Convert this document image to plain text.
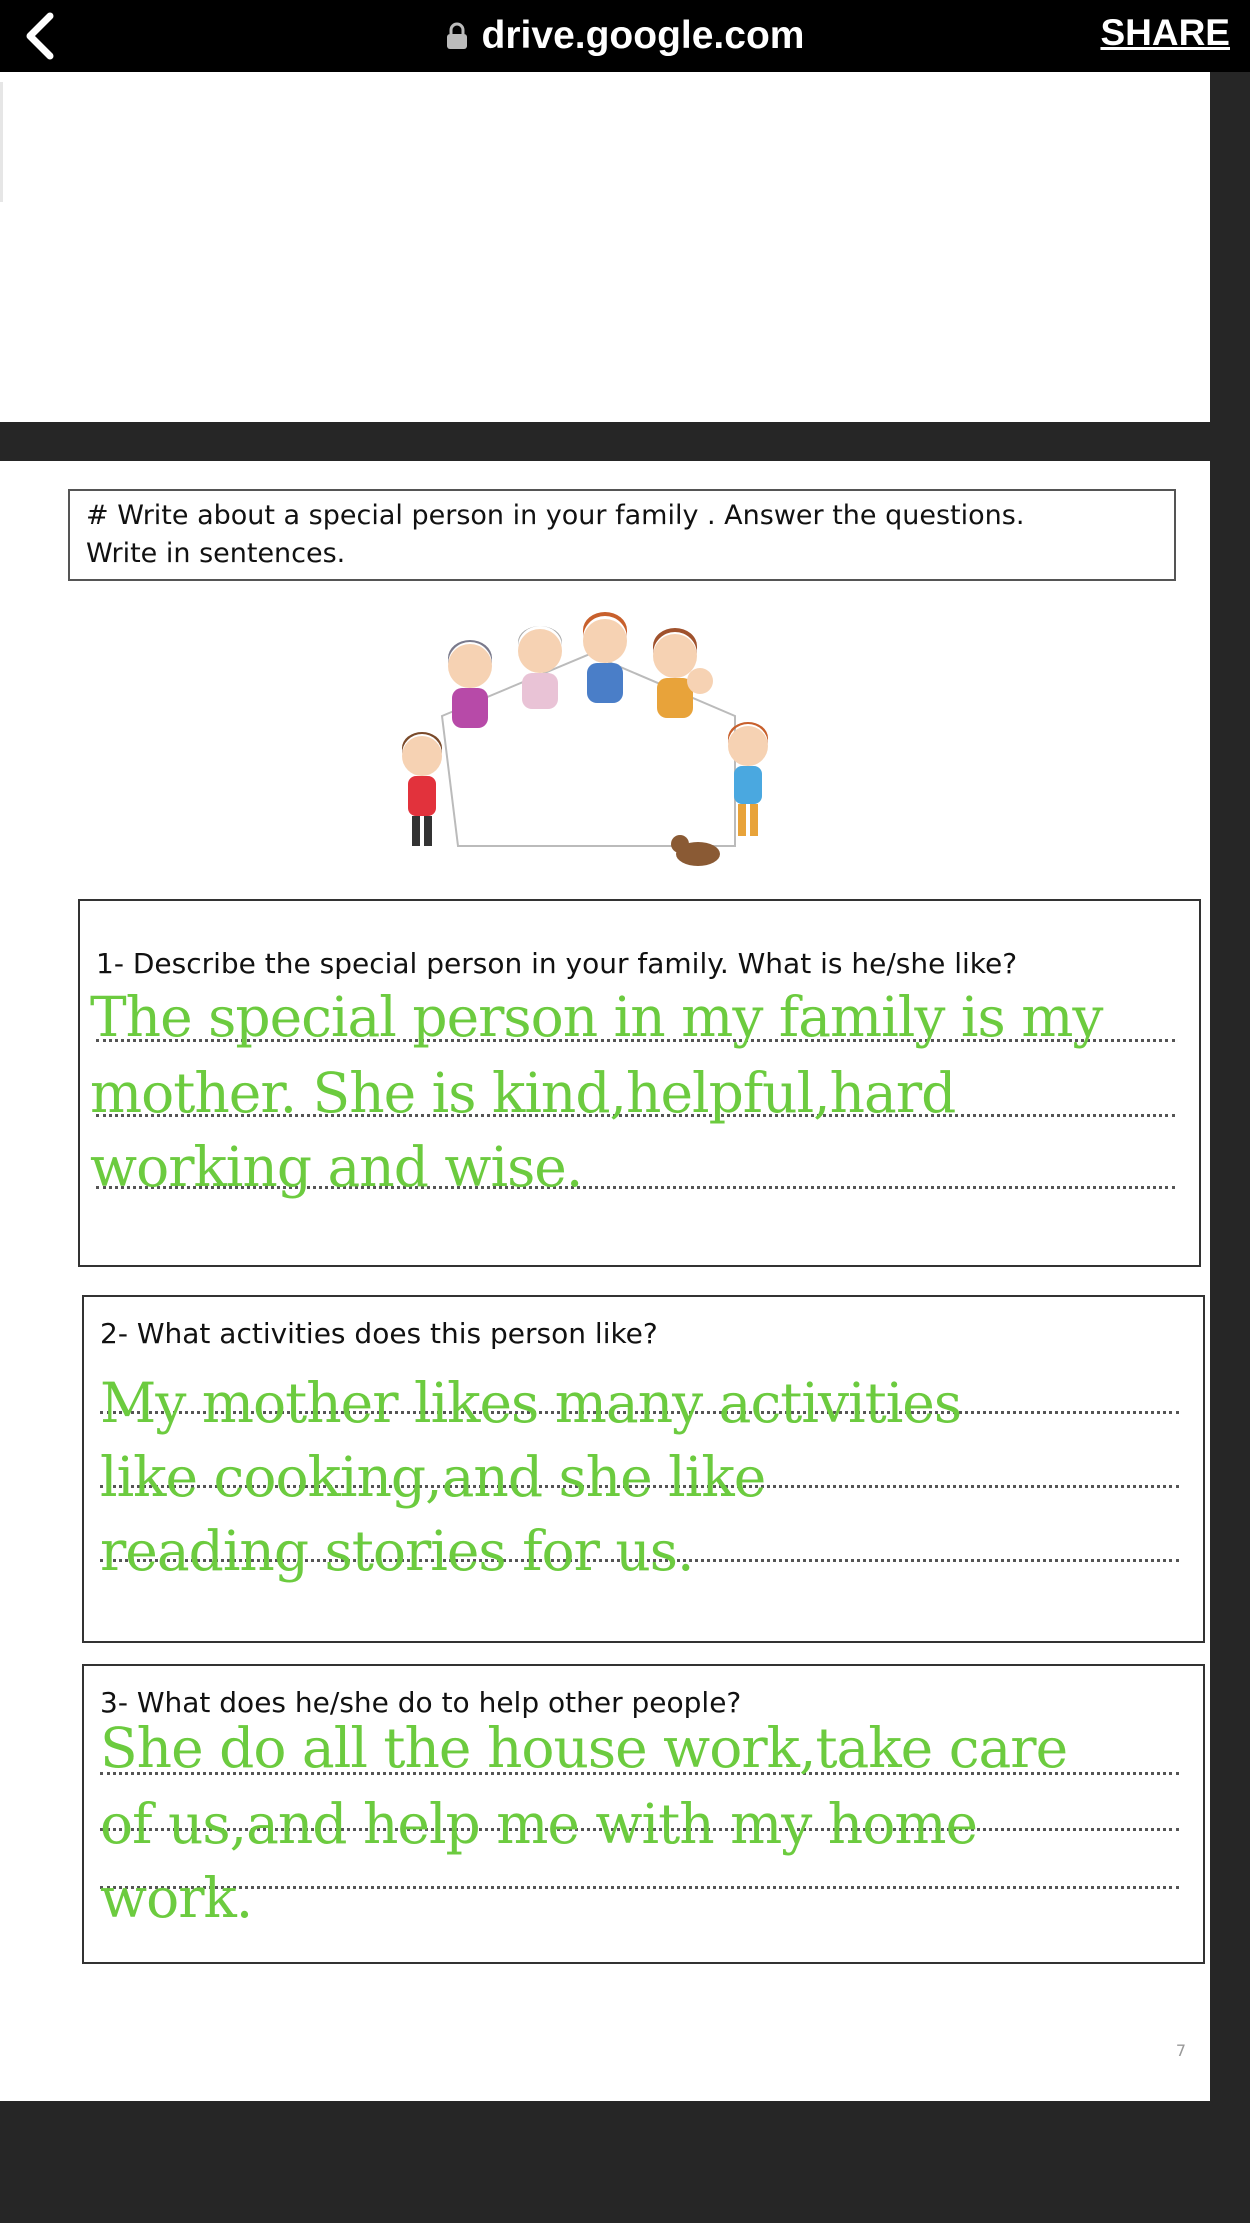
drive.google.com	SHARE
# Write about a special person in your family . Answer the questions.
Write in sentences.
1- Describe the special person in your family. What is he/she like?
The special person in my family is my
mother. She is kind,helpful,hard
working and wise.
2- What activities does this person like?
My mother likes many activities
like cooking,and she like
reading stories for us.
3- What does he/she do to help other people?
She do all the house work,take care
of us,and help me with my home
work.
7
